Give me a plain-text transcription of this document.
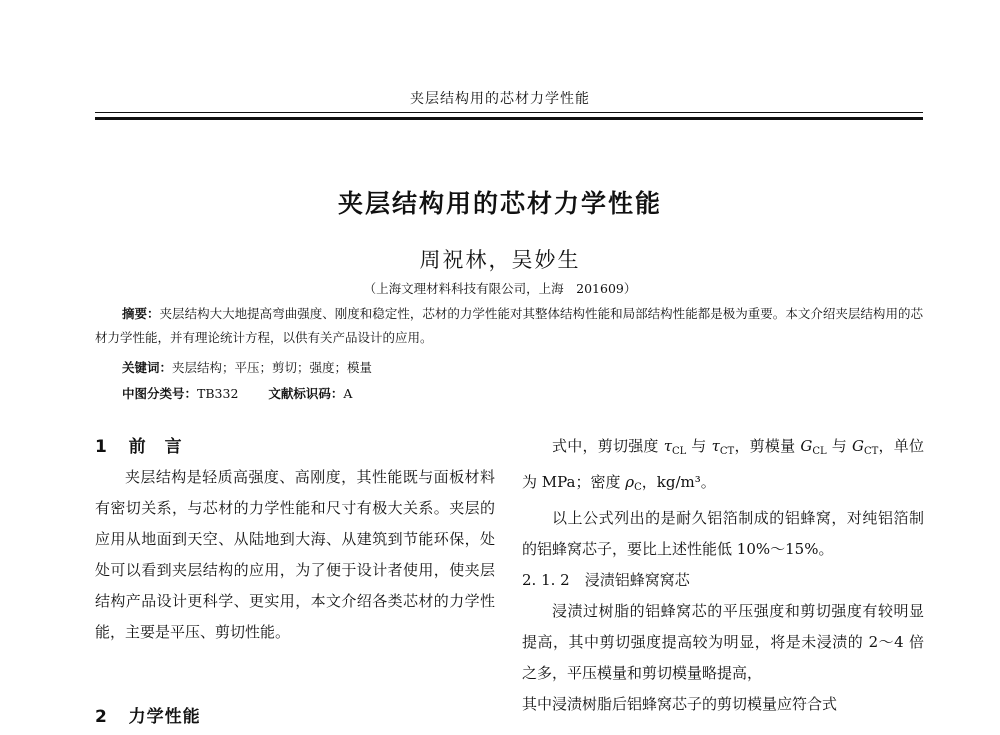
夹层结构用的芯材力学性能
夹层结构用的芯材力学性能
周祝林，吴妙生
（上海文理材料科技有限公司，上海　201609）
摘要：夹层结构大大地提高弯曲强度、刚度和稳定性，芯材的力学性能对其整体结构性能和局部结构性能都是极为重要。本文介绍夹层结构用的芯材力学性能，并有理论统计方程，以供有关产品设计的应用。
关键词：夹层结构；平压；剪切；强度；模量
中图分类号：TB332 文献标识码：A
1 前　言

夹层结构是轻质高强度、高刚度，其性能既与面板材料有密切关系，与芯材的力学性能和尺寸有极大关系。夹层的应用从地面到天空、从陆地到大海、从建筑到节能环保，处处可以看到夹层结构的应用，为了便于设计者使用，使夹层结构产品设计更科学、更实用，本文介绍各类芯材的力学性能，主要是平压、剪切性能。

2 力学性能

式中，剪切强度 $\tau_{CL}$ 与 $\tau_{CT}$，剪模量 $G_{CL}$ 与 $G_{CT}$，单位为 MPa；密度 $\rho_C$，kg/m³。

以上公式列出的是耐久铝箔制成的铝蜂窝，对纯铝箔制的铝蜂窝芯子，要比上述性能低 10%～15%。

2. 1. 2　浸渍铝蜂窝窝芯

浸渍过树脂的铝蜂窝芯的平压强度和剪切强度有较明显提高，其中剪切强度提高较为明显，将是未浸渍的 2～4 倍之多，平压模量和剪切模量略提高，

其中浸渍树脂后铝蜂窝芯子的剪切模量应符合式
